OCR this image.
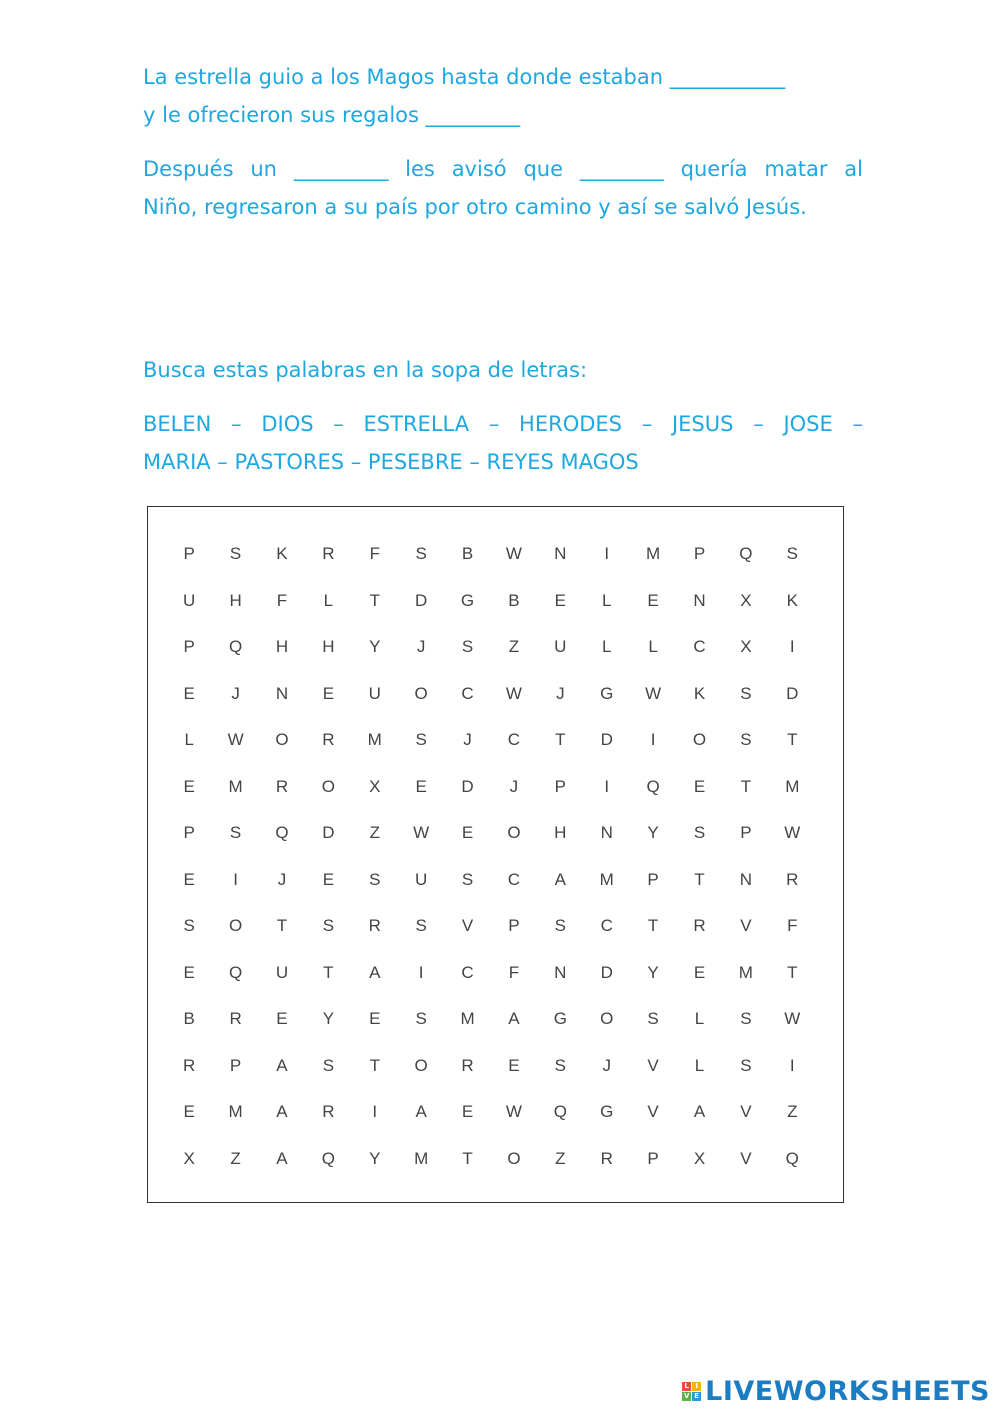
La estrella guio a los Magos hasta donde estaban ___________
y le ofrecieron sus regalos _________
Después un _________ les avisó que ________ quería matar al
Niño, regresaron a su país por otro camino y así se salvó Jesús.
Busca estas palabras en la sopa de letras:
BELEN – DIOS – ESTRELLA – HERODES – JESUS – JOSE –
MARIA – PASTORES – PESEBRE – REYES MAGOS
P	S	K	R	F	S	B	W	N	I	M	P	Q	S
U	H	F	L	T	D	G	B	E	L	E	N	X	K
P	Q	H	H	Y	J	S	Z	U	L	L	C	X	I
E	J	N	E	U	O	C	W	J	G	W	K	S	D
L	W	O	R	M	S	J	C	T	D	I	O	S	T
E	M	R	O	X	E	D	J	P	I	Q	E	T	M
P	S	Q	D	Z	W	E	O	H	N	Y	S	P	W
E	I	J	E	S	U	S	C	A	M	P	T	N	R
S	O	T	S	R	S	V	P	S	C	T	R	V	F
E	Q	U	T	A	I	C	F	N	D	Y	E	M	T
B	R	E	Y	E	S	M	A	G	O	S	L	S	W
R	P	A	S	T	O	R	E	S	J	V	L	S	I
E	M	A	R	I	A	E	W	Q	G	V	A	V	Z
X	Z	A	Q	Y	M	T	O	Z	R	P	X	V	Q
L I
V E LIVEWORKSHEETS
